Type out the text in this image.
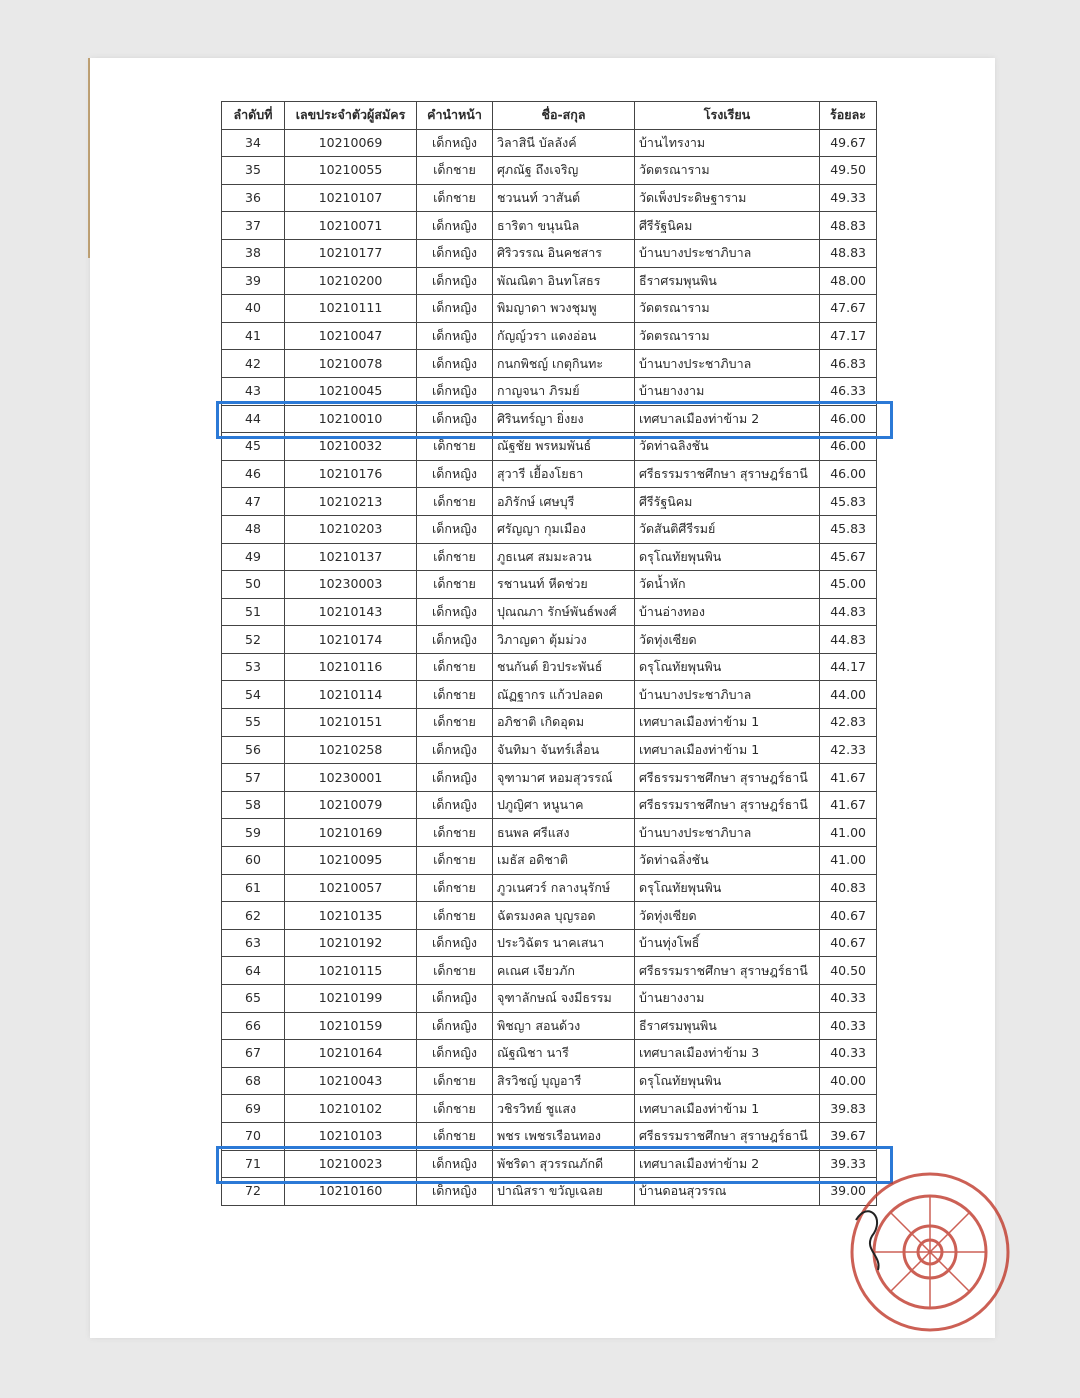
ลำดับที่	เลขประจำตัวผู้สมัคร	คำนำหน้า	ชื่อ-สกุล	โรงเรียน	ร้อยละ
34	10210069	เด็กหญิง	วิลาสินี บัลลังค์	บ้านไทรงาม	49.67
35	10210055	เด็กชาย	ศุภณัฐ ถึงเจริญ	วัดตรณาราม	49.50
36	10210107	เด็กชาย	ชวนนท์ วาสันต์	วัดเพ็งประดิษฐาราม	49.33
37	10210071	เด็กหญิง	ธาริตา ขนุนนิล	ศีรีรัฐนิคม	48.83
38	10210177	เด็กหญิง	ศิริวรรณ อินคชสาร	บ้านบางประชาภิบาล	48.83
39	10210200	เด็กหญิง	พัณณิตา อินทโสธร	ธีราศรมพุนพิน	48.00
40	10210111	เด็กหญิง	พิมญาดา พวงชุมพู	วัดตรณาราม	47.67
41	10210047	เด็กหญิง	กัญญ์วรา แดงอ่อน	วัดตรณาราม	47.17
42	10210078	เด็กหญิง	กนกพิชญ์ เกตุกินทะ	บ้านบางประชาภิบาล	46.83
43	10210045	เด็กหญิง	กาญจนา ภิรมย์	บ้านยางงาม	46.33
44	10210010	เด็กหญิง	ศิรินทร์ญา ยิ่งยง	เทศบาลเมืองท่าข้าม 2	46.00
45	10210032	เด็กชาย	ณัฐชัย พรหมพันธ์	วัดท่าฉลิ่งชัน	46.00
46	10210176	เด็กหญิง	สุวารี เยื้องโยธา	ศรีธรรมราชศึกษา สุราษฎร์ธานี	46.00
47	10210213	เด็กชาย	อภิรักษ์ เศษบุรี	ศีรีรัฐนิคม	45.83
48	10210203	เด็กหญิง	ศรัญญา กุมเมือง	วัดสันติศีรีรมย์	45.83
49	10210137	เด็กชาย	ภูธเนศ สมมะลวน	ดรุโณทัยพุนพิน	45.67
50	10230003	เด็กชาย	รชานนท์ หีดช่วย	วัดน้ำหัก	45.00
51	10210143	เด็กหญิง	ปุณณภา รักษ์พันธ์พงศ์	บ้านอ่างทอง	44.83
52	10210174	เด็กหญิง	วิภาญดา ตุ้มม่วง	วัดทุ่งเซียด	44.83
53	10210116	เด็กชาย	ชนกันต์ ยิวประพันธ์	ดรุโณทัยพุนพิน	44.17
54	10210114	เด็กชาย	ณัฏฐากร แก้วปลอด	บ้านบางประชาภิบาล	44.00
55	10210151	เด็กชาย	อภิชาติ เกิดอุดม	เทศบาลเมืองท่าข้าม 1	42.83
56	10210258	เด็กหญิง	จันทิมา จันทร์เลื่อน	เทศบาลเมืองท่าข้าม 1	42.33
57	10230001	เด็กหญิง	จุฑามาศ หอมสุวรรณ์	ศรีธรรมราชศึกษา สุราษฎร์ธานี	41.67
58	10210079	เด็กหญิง	ปภูญิศา หนูนาค	ศรีธรรมราชศึกษา สุราษฎร์ธานี	41.67
59	10210169	เด็กชาย	ธนพล ศรีแสง	บ้านบางประชาภิบาล	41.00
60	10210095	เด็กชาย	เมธัส อดิชาติ	วัดท่าฉลิ่งชัน	41.00
61	10210057	เด็กชาย	ภูวเนศวร์ กลางนุรักษ์	ดรุโณทัยพุนพิน	40.83
62	10210135	เด็กชาย	ฉัตรมงคล บุญรอด	วัดทุ่งเซียด	40.67
63	10210192	เด็กหญิง	ประวิฉัตร นาคเสนา	บ้านทุ่งโพธิ์	40.67
64	10210115	เด็กชาย	คเณศ เจียวภัก	ศรีธรรมราชศึกษา สุราษฎร์ธานี	40.50
65	10210199	เด็กหญิง	จุฑาลักษณ์ จงมีธรรม	บ้านยางงาม	40.33
66	10210159	เด็กหญิง	พิชญา สอนด้วง	ธีราศรมพุนพิน	40.33
67	10210164	เด็กหญิง	ณัฐณิชา นารี	เทศบาลเมืองท่าข้าม 3	40.33
68	10210043	เด็กชาย	สิรวิชญ์ บุญอารี	ดรุโณทัยพุนพิน	40.00
69	10210102	เด็กชาย	วชิรวิทย์ ชูแสง	เทศบาลเมืองท่าข้าม 1	39.83
70	10210103	เด็กชาย	พชร เพชรเรือนทอง	ศรีธรรมราชศึกษา สุราษฎร์ธานี	39.67
71	10210023	เด็กหญิง	พัชริดา สุวรรณภักดี	เทศบาลเมืองท่าข้าม 2	39.33
72	10210160	เด็กหญิง	ปาณิสรา ขวัญเฉลย	บ้านดอนสุวรรณ	39.00
